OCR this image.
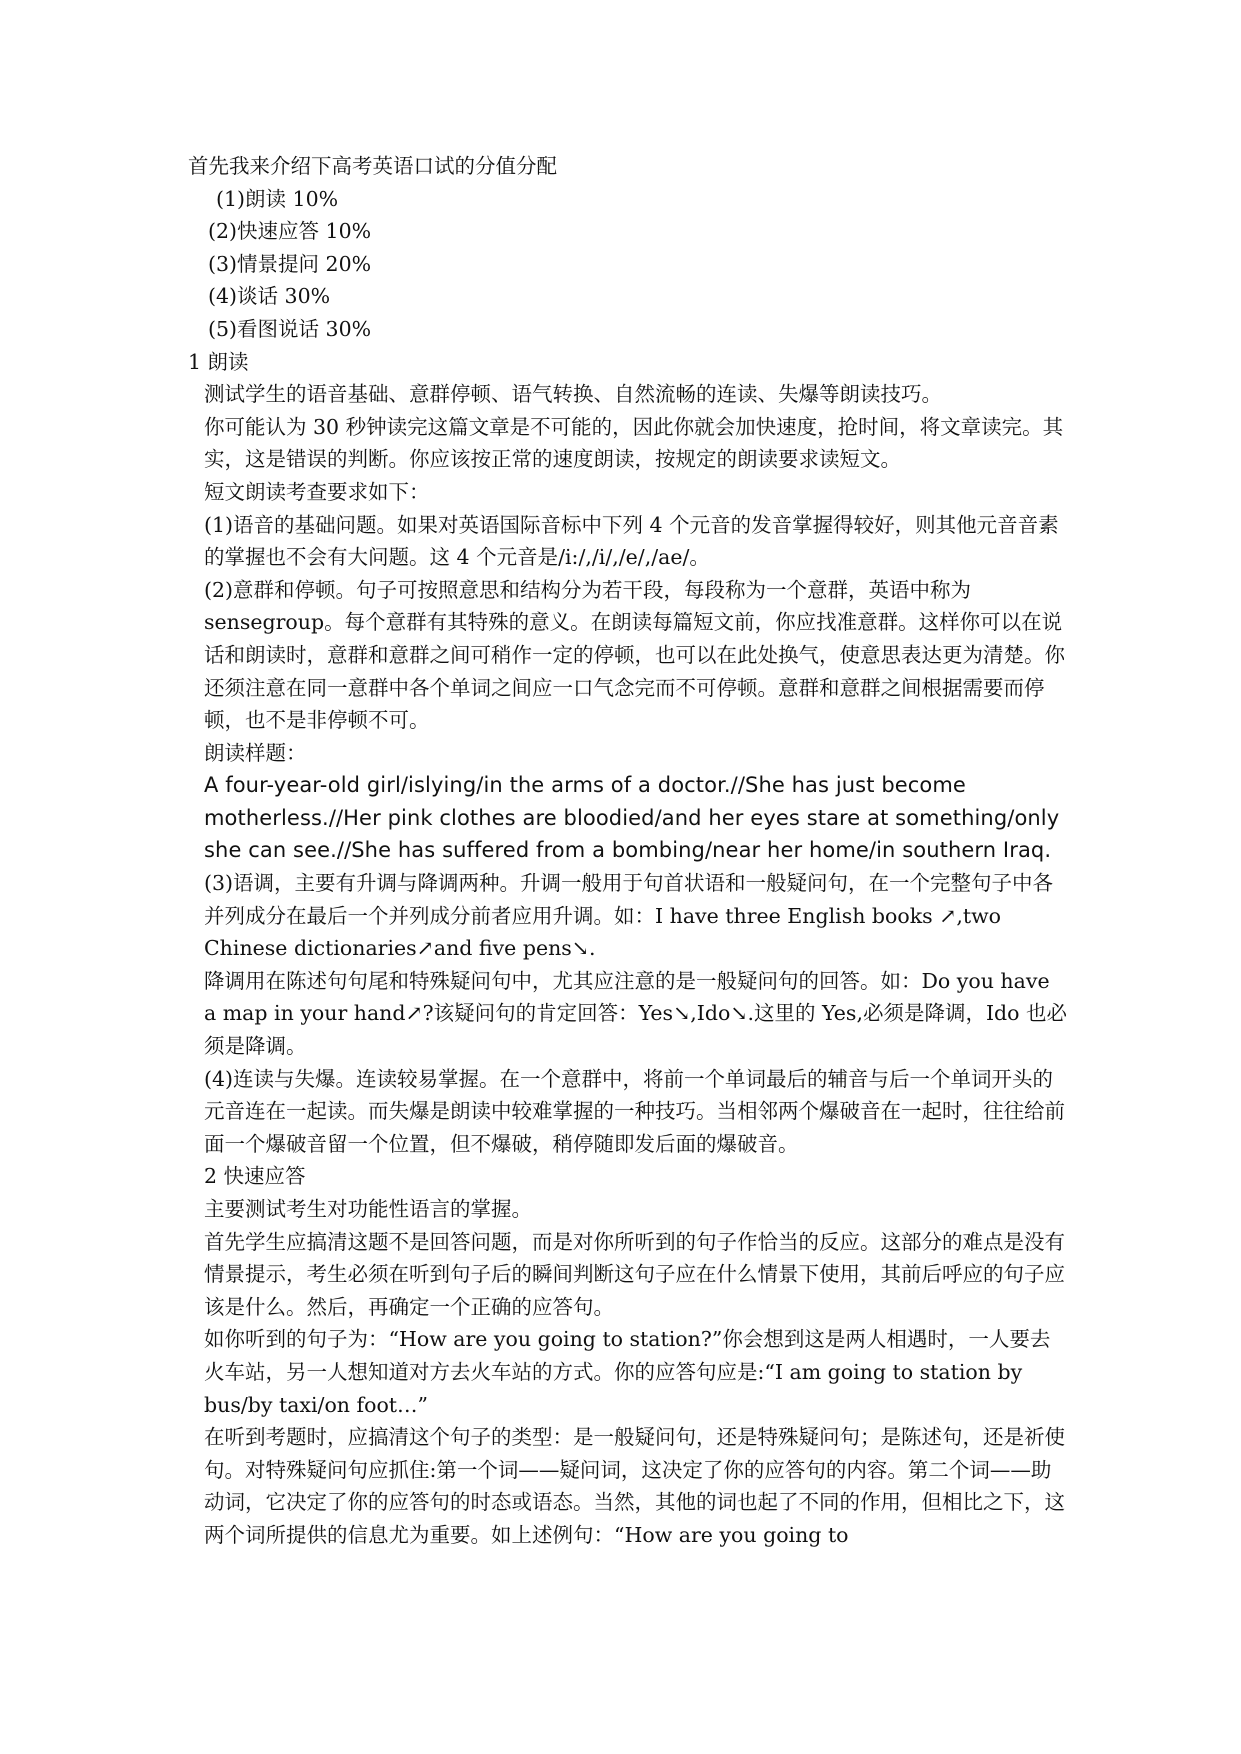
首先我来介绍下高考英语口试的分值分配

(1)朗读 10%

(2)快速应答 10%

(3)情景提问 20%

(4)谈话 30%

(5)看图说话 30%

1 朗读

测试学生的语音基础、意群停顿、语气转换、自然流畅的连读、失爆等朗读技巧。

你可能认为 30 秒钟读完这篇文章是不可能的，因此你就会加快速度，抢时间，将文章读完。其实，这是错误的判断。你应该按正常的速度朗读，按规定的朗读要求读短文。

短文朗读考查要求如下：

(1)语音的基础问题。如果对英语国际音标中下列 4 个元音的发音掌握得较好，则其他元音音素的掌握也不会有大问题。这 4 个元音是/i:/,/i/,/e/,/ae/。

(2)意群和停顿。句子可按照意思和结构分为若干段，每段称为一个意群，英语中称为 sensegroup。每个意群有其特殊的意义。在朗读每篇短文前，你应找准意群。这样你可以在说话和朗读时，意群和意群之间可稍作一定的停顿，也可以在此处换气，使意思表达更为清楚。你还须注意在同一意群中各个单词之间应一口气念完而不可停顿。意群和意群之间根据需要而停顿，也不是非停顿不可。

朗读样题：

A four-year-old girl/islying/in the arms of a doctor.//She has just become motherless.//Her pink clothes are bloodied/and her eyes stare at something/only she can see.//She has suffered from a bombing/near her home/in southern Iraq.

(3)语调，主要有升调与降调两种。升调一般用于句首状语和一般疑问句，在一个完整句子中各并列成分在最后一个并列成分前者应用升调。如：I have three English books ↗,two Chinese dictionaries↗and five pens↘.

降调用在陈述句句尾和特殊疑问句中，尤其应注意的是一般疑问句的回答。如：Do you have a map in your hand↗?该疑问句的肯定回答：Yes↘,Ido↘.这里的 Yes,必须是降调，Ido 也必须是降调。

(4)连读与失爆。连读较易掌握。在一个意群中，将前一个单词最后的辅音与后一个单词开头的元音连在一起读。而失爆是朗读中较难掌握的一种技巧。当相邻两个爆破音在一起时，往往给前面一个爆破音留一个位置，但不爆破，稍停随即发后面的爆破音。

2 快速应答

主要测试考生对功能性语言的掌握。

首先学生应搞清这题不是回答问题，而是对你所听到的句子作恰当的反应。这部分的难点是没有情景提示，考生必须在听到句子后的瞬间判断这句子应在什么情景下使用，其前后呼应的句子应该是什么。然后，再确定一个正确的应答句。

如你听到的句子为：“How are you going to station?”你会想到这是两人相遇时，一人要去火车站，另一人想知道对方去火车站的方式。你的应答句应是:“I am going to station by bus/by taxi/on foot…”

在听到考题时，应搞清这个句子的类型：是一般疑问句，还是特殊疑问句；是陈述句，还是祈使句。对特殊疑问句应抓住:第一个词——疑问词，这决定了你的应答句的内容。第二个词——助动词，它决定了你的应答句的时态或语态。当然，其他的词也起了不同的作用，但相比之下，这两个词所提供的信息尤为重要。如上述例句：“How are you going to
